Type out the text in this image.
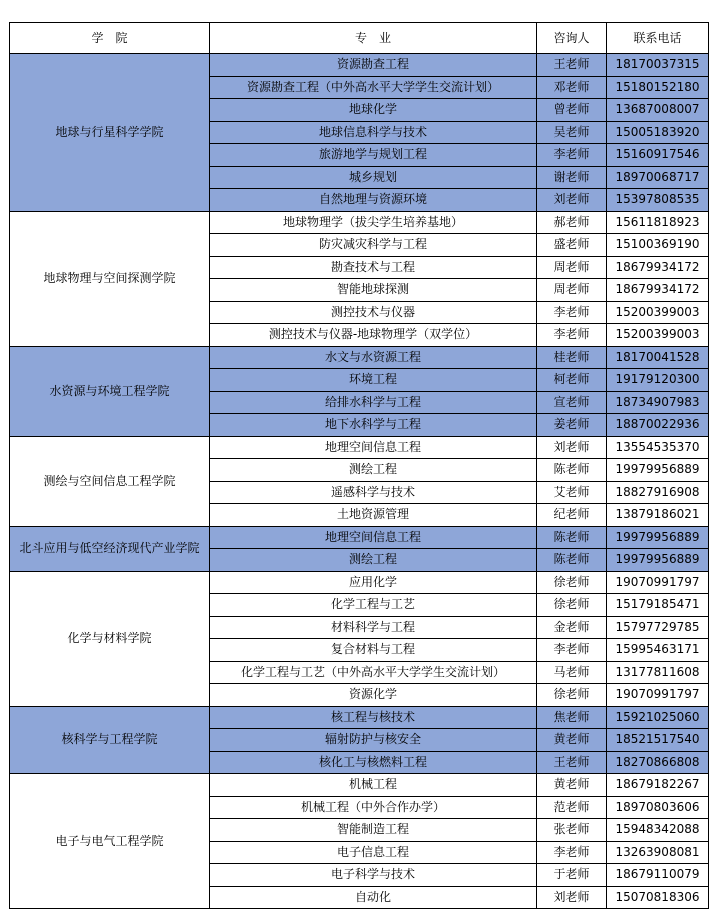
学　院	专　业	咨询人	联系电话
地球与行星科学学院	资源勘查工程	王老师	18170037315
	资源勘查工程（中外高水平大学学生交流计划）	邓老师	15180152180
	地球化学	曾老师	13687008007
	地球信息科学与技术	吴老师	15005183920
	旅游地学与规划工程	李老师	15160917546
	城乡规划	谢老师	18970068717
	自然地理与资源环境	刘老师	15397808535
地球物理与空间探测学院	地球物理学（拔尖学生培养基地）	郝老师	15611818923
	防灾减灾科学与工程	盛老师	15100369190
	勘查技术与工程	周老师	18679934172
	智能地球探测	周老师	18679934172
	测控技术与仪器	李老师	15200399003
	测控技术与仪器-地球物理学（双学位）	李老师	15200399003
水资源与环境工程学院	水文与水资源工程	桂老师	18170041528
	环境工程	柯老师	19179120300
	给排水科学与工程	宣老师	18734907983
	地下水科学与工程	姜老师	18870022936
测绘与空间信息工程学院	地理空间信息工程	刘老师	13554535370
	测绘工程	陈老师	19979956889
	遥感科学与技术	艾老师	18827916908
	土地资源管理	纪老师	13879186021
北斗应用与低空经济现代产业学院	地理空间信息工程	陈老师	19979956889
	测绘工程	陈老师	19979956889
化学与材料学院	应用化学	徐老师	19070991797
	化学工程与工艺	徐老师	15179185471
	材料科学与工程	金老师	15797729785
	复合材料与工程	李老师	15995463171
	化学工程与工艺（中外高水平大学学生交流计划）	马老师	13177811608
	资源化学	徐老师	19070991797
核科学与工程学院	核工程与核技术	焦老师	15921025060
	辐射防护与核安全	黄老师	18521517540
	核化工与核燃料工程	王老师	18270866808
电子与电气工程学院	机械工程	黄老师	18679182267
	机械工程（中外合作办学）	范老师	18970803606
	智能制造工程	张老师	15948342088
	电子信息工程	李老师	13263908081
	电子科学与技术	于老师	18679110079
	自动化	刘老师	15070818306
